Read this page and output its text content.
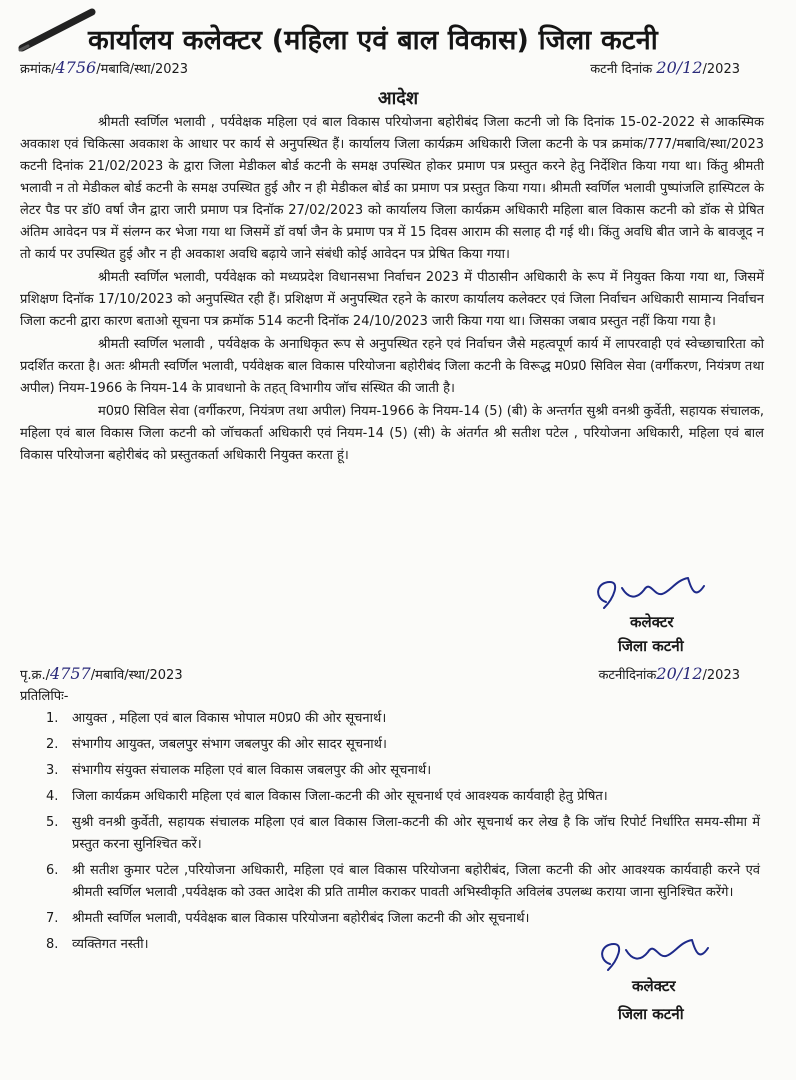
कार्यालय कलेक्टर (महिला एवं बाल विकास) जिला कटनी
क्रमांक/4756/मबावि/स्था/2023	कटनी दिनांक 20/12/2023
आदेश

श्रीमती स्वर्णिल भलावी , पर्यवेक्षक महिला एवं बाल विकास परियोजना बहोरीबंद जिला कटनी जो कि दिनांक 15-02-2022 से आकस्मिक अवकाश एवं चिकित्सा अवकाश के आधार पर कार्य से अनुपस्थित हैं। कार्यालय जिला कार्यक्रम अधिकारी जिला कटनी के पत्र क्रमांक/777/मबावि/स्था/2023 कटनी दिनांक 21/02/2023 के द्वारा जिला मेडीकल बोर्ड कटनी के समक्ष उपस्थित होकर प्रमाण पत्र प्रस्तुत करने हेतु निर्देशित किया गया था। किंतु श्रीमती भलावी न तो मेडीकल बोर्ड कटनी के समक्ष उपस्थित हुई और न ही मेडीकल बोर्ड का प्रमाण पत्र प्रस्तुत किया गया। श्रीमती स्वर्णिल भलावी पुष्पांजलि हास्पिटल के लेटर पैड पर डॉ0 वर्षा जैन द्वारा जारी प्रमाण पत्र दिनॉक 27/02/2023 को कार्यालय जिला कार्यक्रम अधिकारी महिला बाल विकास कटनी को डॉक से प्रेषित अंतिम आवेदन पत्र में संलग्न कर भेजा गया था जिसमें डॉ वर्षा जैन के प्रमाण पत्र में 15 दिवस आराम की सलाह दी गई थी। किंतु अवधि बीत जाने के बावजूद न तो कार्य पर उपस्थित हुई और न ही अवकाश अवधि बढ़ाये जाने संबंधी कोई आवेदन पत्र प्रेषित किया गया।

श्रीमती स्वर्णिल भलावी, पर्यवेक्षक को मध्यप्रदेश विधानसभा निर्वाचन 2023 में पीठासीन अधिकारी के रूप में नियुक्त किया गया था, जिसमें प्रशिक्षण दिनॉक 17/10/2023 को अनुपस्थित रही हैं। प्रशिक्षण में अनुपस्थित रहने के कारण कार्यालय कलेक्टर एवं जिला निर्वाचन अधिकारी सामान्य निर्वाचन जिला कटनी द्वारा कारण बताओ सूचना पत्र क्रमॉक 514 कटनी दिनॉक 24/10/2023 जारी किया गया था। जिसका जबाव प्रस्तुत नहीं किया गया है।

श्रीमती स्वर्णिल भलावी , पर्यवेक्षक के अनाधिकृत रूप से अनुपस्थित रहने एवं निर्वाचन जैसे महत्वपूर्ण कार्य में लापरवाही एवं स्वेच्छाचारिता को प्रदर्शित करता है। अतः श्रीमती स्वर्णिल भलावी, पर्यवेक्षक बाल विकास परियोजना बहोरीबंद जिला कटनी के विरूद्ध म0प्र0 सिविल सेवा (वर्गीकरण, नियंत्रण तथा अपील) नियम-1966 के नियम-14 के प्रावधानो के तहत् विभागीय जॉच संस्थित की जाती है।

म0प्र0 सिविल सेवा (वर्गीकरण, नियंत्रण तथा अपील) नियम-1966 के नियम-14 (5) (बी) के अन्तर्गत सुश्री वनश्री कुर्वेती, सहायक संचालक, महिला एवं बाल विकास जिला कटनी को जॉचकर्ता अधिकारी एवं नियम-14 (5) (सी) के अंतर्गत श्री सतीश पटेल , परियोजना अधिकारी, महिला एवं बाल विकास परियोजना बहोरीबंद को प्रस्तुतकर्ता अधिकारी नियुक्त करता हूं।

कलेक्टर
जिला कटनी
पृ.क्र./4757/मबावि/स्था/2023	कटनीदिनांक20/12/2023
प्रतिलिपिः-
1. आयुक्त , महिला एवं बाल विकास भोपाल म0प्र0 की ओर सूचनार्थ।
2. संभागीय आयुक्त, जबलपुर संभाग जबलपुर की ओर सादर सूचनार्थ।
3. संभागीय संयुक्त संचालक महिला एवं बाल विकास जबलपुर की ओर सूचनार्थ।
4. जिला कार्यक्रम अधिकारी महिला एवं बाल विकास जिला-कटनी की ओर सूचनार्थ एवं आवश्यक कार्यवाही हेतु प्रेषित।
5. सुश्री वनश्री कुर्वेती, सहायक संचालक महिला एवं बाल विकास जिला-कटनी की ओर सूचनार्थ कर लेख है कि जॉच रिपोर्ट निर्धारित समय-सीमा में प्रस्तुत करना सुनिश्चित करें।
6. श्री सतीश कुमार पटेल ,परियोजना अधिकारी, महिला एवं बाल विकास परियोजना बहोरीबंद, जिला कटनी की ओर आवश्यक कार्यवाही करने एवं श्रीमती स्वर्णिल भलावी ,पर्यवेक्षक को उक्त आदेश की प्रति तामील कराकर पावती अभिस्वीकृति अविलंब उपलब्ध कराया जाना सुनिश्चित करेंगे।
7. श्रीमती स्वर्णिल भलावी, पर्यवेक्षक बाल विकास परियोजना बहोरीबंद जिला कटनी की ओर सूचनार्थ।
8. व्यक्तिगत नस्ती।
कलेक्टर
जिला कटनी
